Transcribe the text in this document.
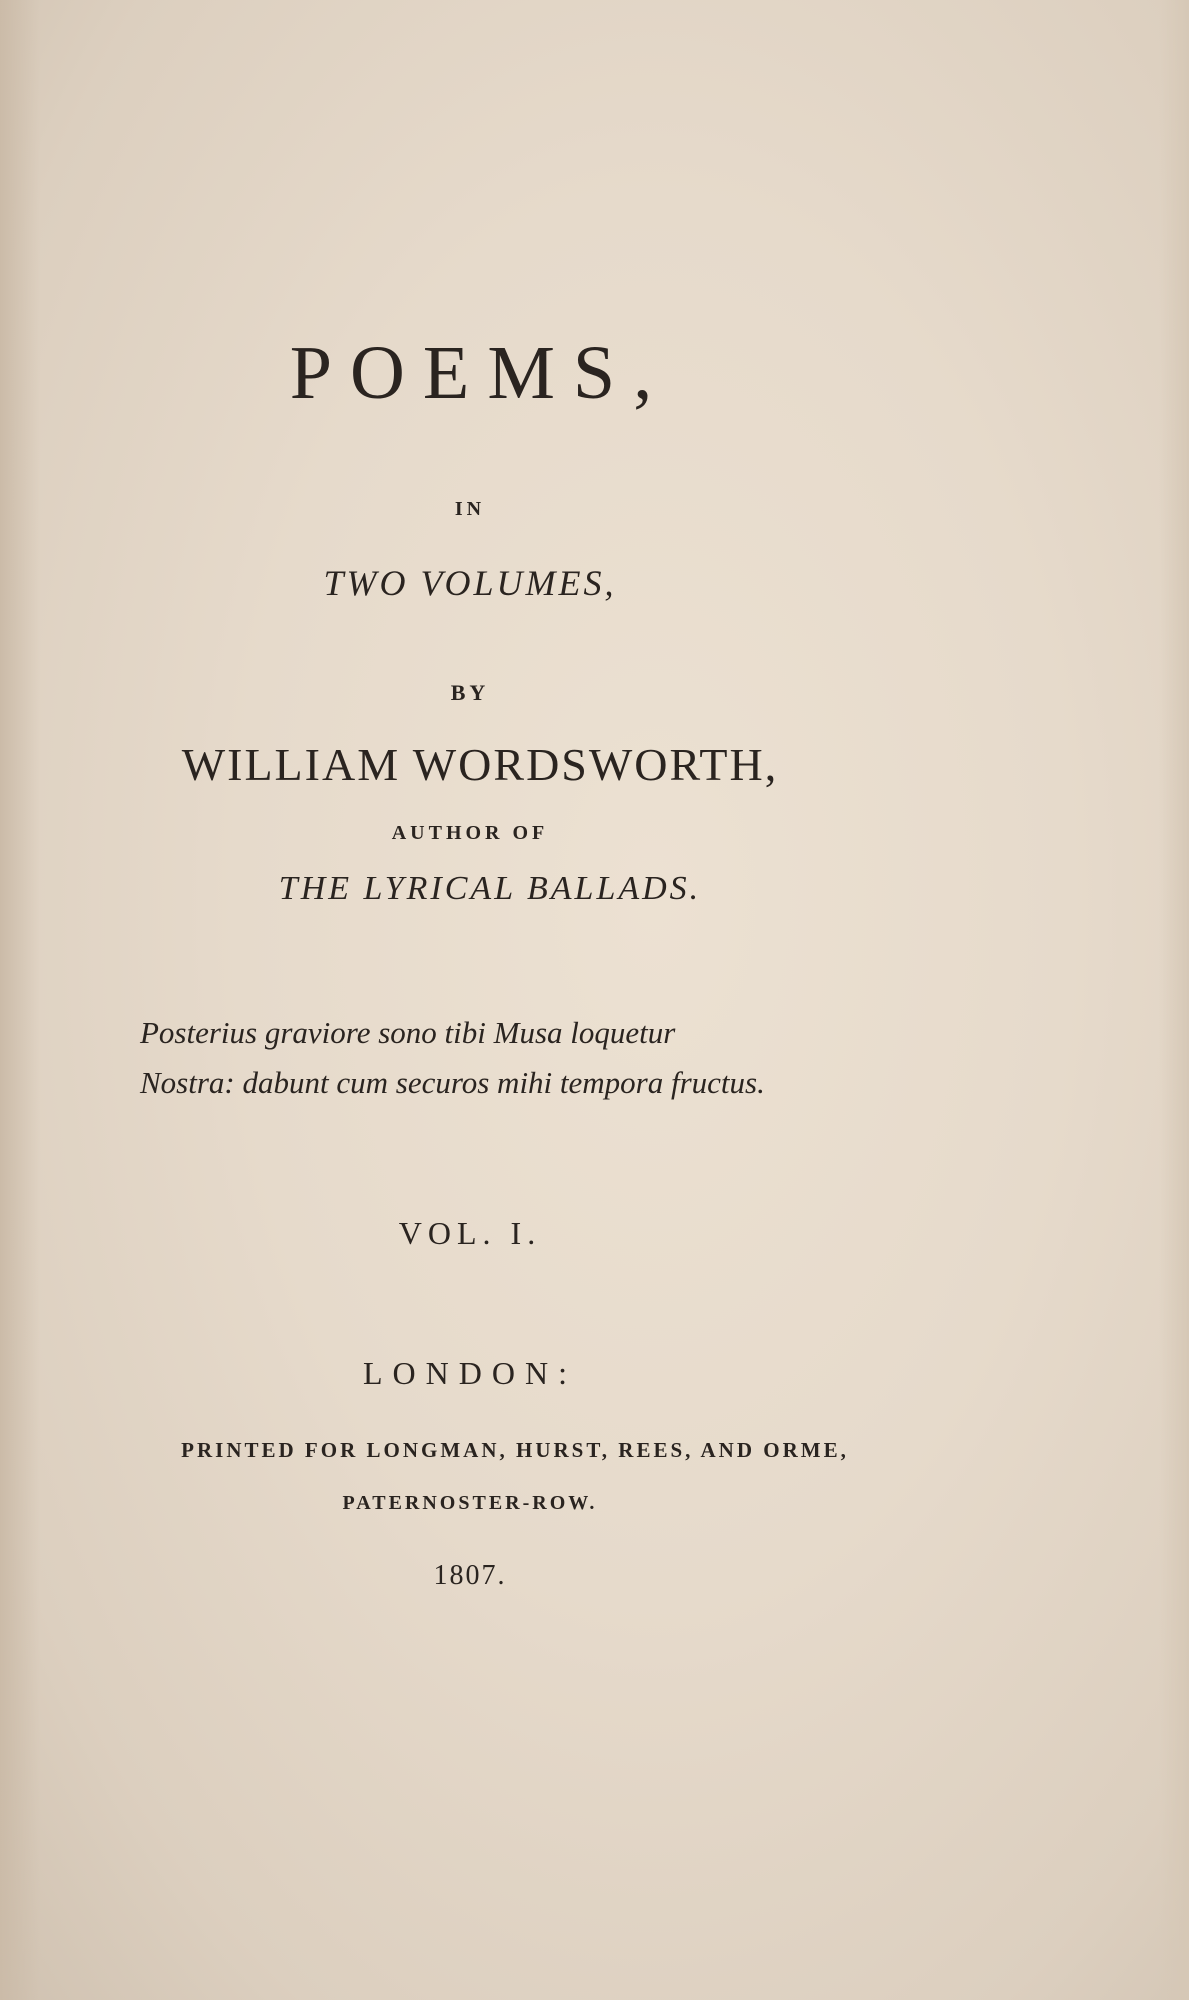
POEMS,
IN
TWO VOLUMES,
BY
WILLIAM WORDSWORTH,
AUTHOR OF
THE LYRICAL BALLADS.
Posterius graviore sono tibi Musa loquetur
Nostra: dabunt cum securos mihi tempora fructus.
VOL. I.
LONDON:
PRINTED FOR LONGMAN, HURST, REES, AND ORME,
PATERNOSTER-ROW.
1807.
